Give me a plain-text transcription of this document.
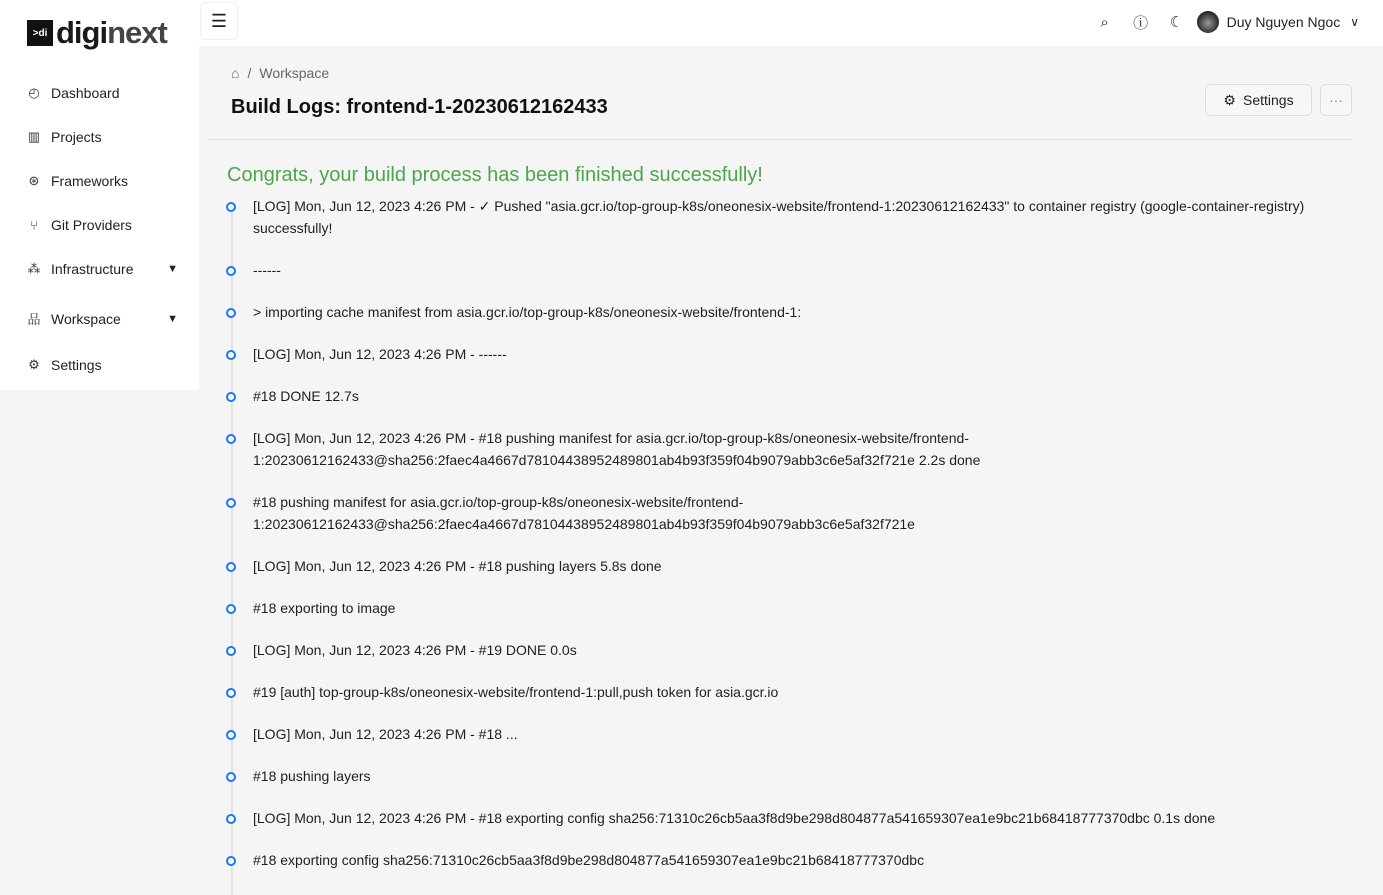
>di diginext
◴ Dashboard
▥ Projects
⊛ Frameworks
⑂ Git Providers
⁂ Infrastructure	▼
品 Workspace	▼
⚙ Settings
☰	⌕	ⓘ	☾	Duy Nguyen Ngoc ∨
⌂ / Workspace
Build Logs: frontend-1-20230612162433	⚙ Settings	···
Congrats, your build process has been finished successfully!
[LOG] Mon, Jun 12, 2023 4:26 PM - ✓ Pushed "asia.gcr.io/top-group-k8s/oneonesix-website/frontend-1:20230612162433" to container registry (google-container-registry) successfully!
------
> importing cache manifest from asia.gcr.io/top-group-k8s/oneonesix-website/frontend-1:
[LOG] Mon, Jun 12, 2023 4:26 PM - ------
#18 DONE 12.7s
[LOG] Mon, Jun 12, 2023 4:26 PM - #18 pushing manifest for asia.gcr.io/top-group-k8s/oneonesix-website/frontend-1:20230612162433@sha256:2faec4a4667d78104438952489801ab4b93f359f04b9079abb3c6e5af32f721e 2.2s done
#18 pushing manifest for asia.gcr.io/top-group-k8s/oneonesix-website/frontend-1:20230612162433@sha256:2faec4a4667d78104438952489801ab4b93f359f04b9079abb3c6e5af32f721e
[LOG] Mon, Jun 12, 2023 4:26 PM - #18 pushing layers 5.8s done
#18 exporting to image
[LOG] Mon, Jun 12, 2023 4:26 PM - #19 DONE 0.0s
#19 [auth] top-group-k8s/oneonesix-website/frontend-1:pull,push token for asia.gcr.io
[LOG] Mon, Jun 12, 2023 4:26 PM - #18 ...
#18 pushing layers
[LOG] Mon, Jun 12, 2023 4:26 PM - #18 exporting config sha256:71310c26cb5aa3f8d9be298d804877a541659307ea1e9bc21b68418777370dbc 0.1s done
#18 exporting config sha256:71310c26cb5aa3f8d9be298d804877a541659307ea1e9bc21b68418777370dbc
